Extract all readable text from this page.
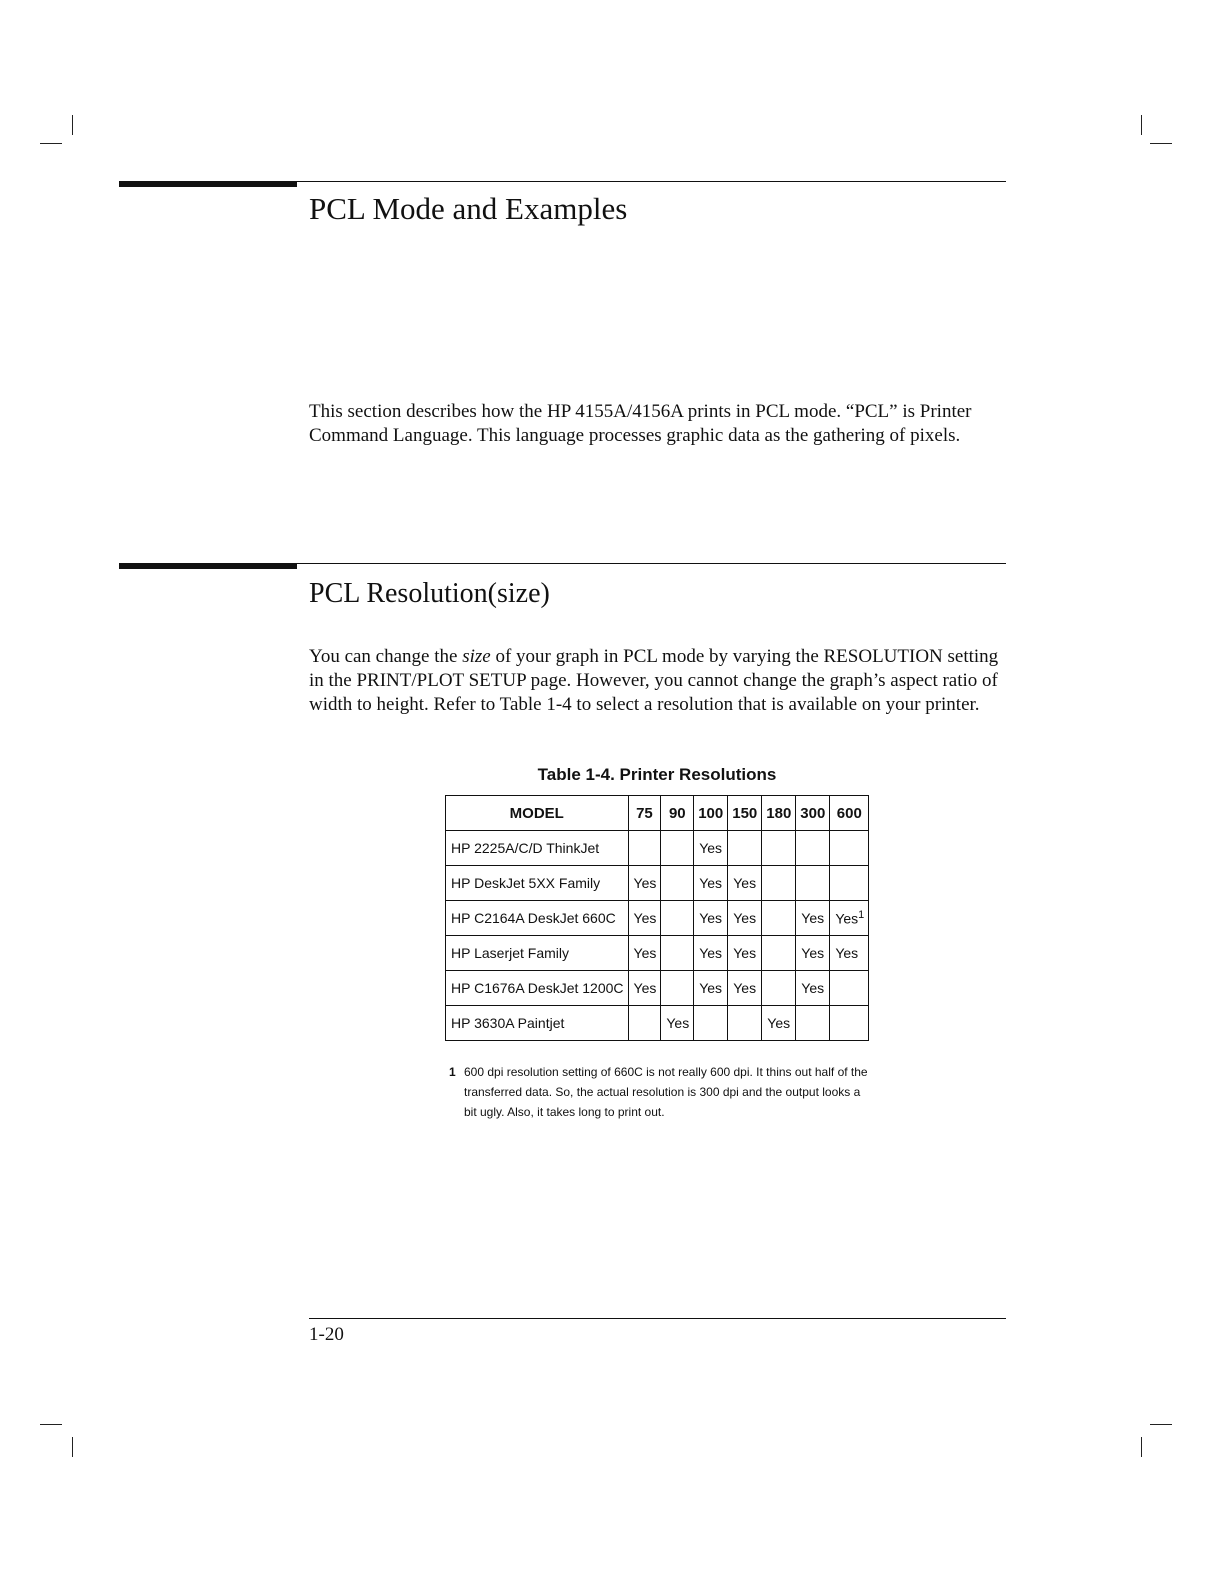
PCL Mode and Examples

This section describes how the HP 4155A/4156A prints in PCL mode. “PCL” is Printer Command Language. This language processes graphic data as the gathering of pixels.

PCL Resolution(size)

You can change the size of your graph in PCL mode by varying the RESOLUTION setting in the PRINT/PLOT SETUP page. However, you cannot change the graph’s aspect ratio of width to height. Refer to Table 1-4 to select a resolution that is available on your printer.

Table 1-4. Printer Resolutions
MODEL	75	90	100	150	180	300	600
HP 2225A/C/D ThinkJet			Yes				
HP DeskJet 5XX Family	Yes		Yes	Yes			
HP C2164A DeskJet 660C	Yes		Yes	Yes		Yes	Yes$^1$
HP Laserjet Family	Yes		Yes	Yes		Yes	Yes
HP C1676A DeskJet 1200C	Yes		Yes	Yes		Yes	
HP 3630A Paintjet		Yes			Yes		
1 600 dpi resolution setting of 660C is not really 600 dpi. It thins out half of the transferred data. So, the actual resolution is 300 dpi and the output looks a bit ugly. Also, it takes long to print out.
1-20
